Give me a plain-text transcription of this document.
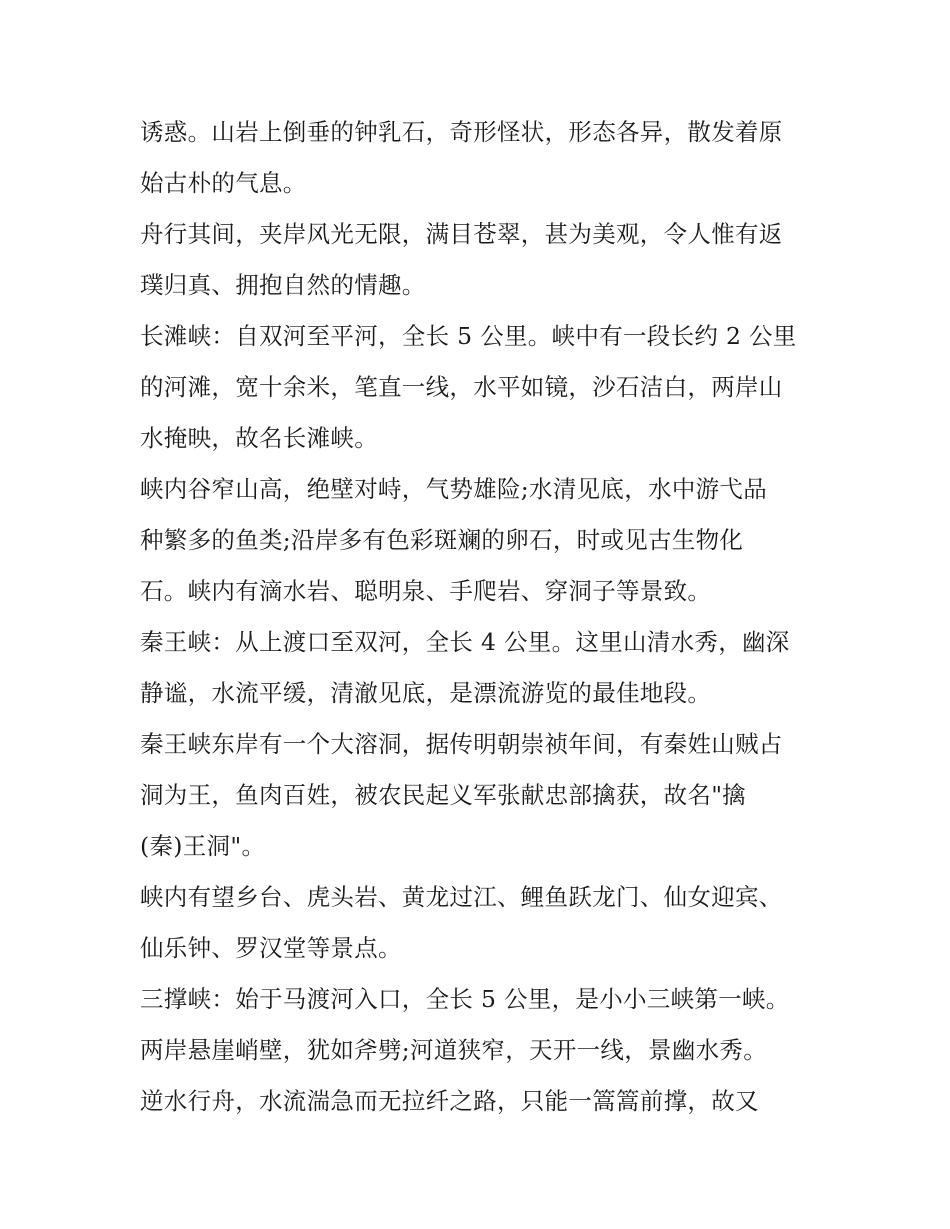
诱惑。山岩上倒垂的钟乳石，奇形怪状，形态各异，散发着原
始古朴的气息。
舟行其间，夹岸风光无限，满目苍翠，甚为美观，令人惟有返
璞归真、拥抱自然的情趣。
长滩峡：自双河至平河，全长 5 公里。峡中有一段长约 2 公里
的河滩，宽十余米，笔直一线，水平如镜，沙石洁白，两岸山
水掩映，故名长滩峡。
峡内谷窄山高，绝壁对峙，气势雄险;水清见底，水中游弋品
种繁多的鱼类;沿岸多有色彩斑斓的卵石，时或见古生物化
石。峡内有滴水岩、聪明泉、手爬岩、穿洞子等景致。
秦王峡：从上渡口至双河，全长 4 公里。这里山清水秀，幽深
静谧，水流平缓，清澈见底，是漂流游览的最佳地段。
秦王峡东岸有一个大溶洞，据传明朝崇祯年间，有秦姓山贼占
洞为王，鱼肉百姓，被农民起义军张献忠部擒获，故名"擒
(秦)王洞"。
峡内有望乡台、虎头岩、黄龙过江、鲤鱼跃龙门、仙女迎宾、
仙乐钟、罗汉堂等景点。
三撑峡：始于马渡河入口，全长 5 公里，是小小三峡第一峡。
两岸悬崖峭壁，犹如斧劈;河道狭窄，天开一线，景幽水秀。
逆水行舟，水流湍急而无拉纤之路，只能一篙篙前撑，故又
